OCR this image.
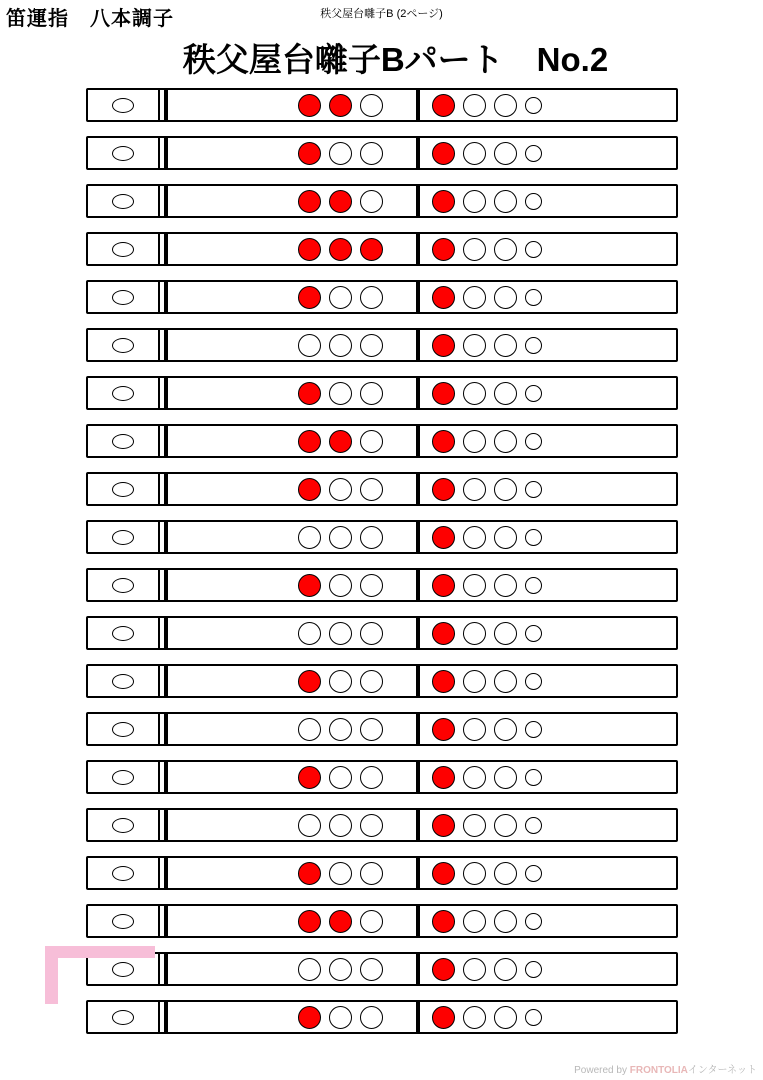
笛運指　八本調子	秩父屋台囃子B (2ページ)
秩父屋台囃子Bパート　No.2
Powered by FRONTOLIAインターネット
